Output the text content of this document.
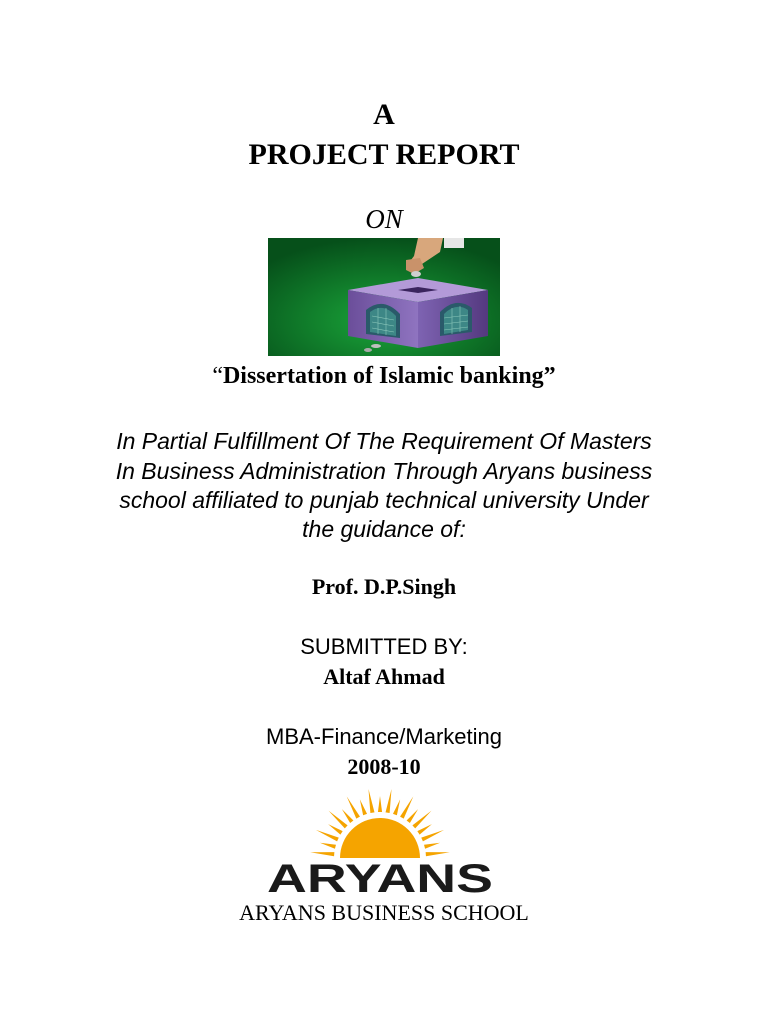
A
PROJECT REPORT
ON
“Dissertation of Islamic banking”
In Partial Fulfillment Of The Requirement Of Masters
In Business Administration Through Aryans business
school affiliated to punjab technical university Under
the guidance of:
Prof. D.P.Singh
SUBMITTED BY:
Altaf Ahmad
MBA-Finance/Marketing
2008-10
ARYANS
ARYANS BUSINESS SCHOOL
